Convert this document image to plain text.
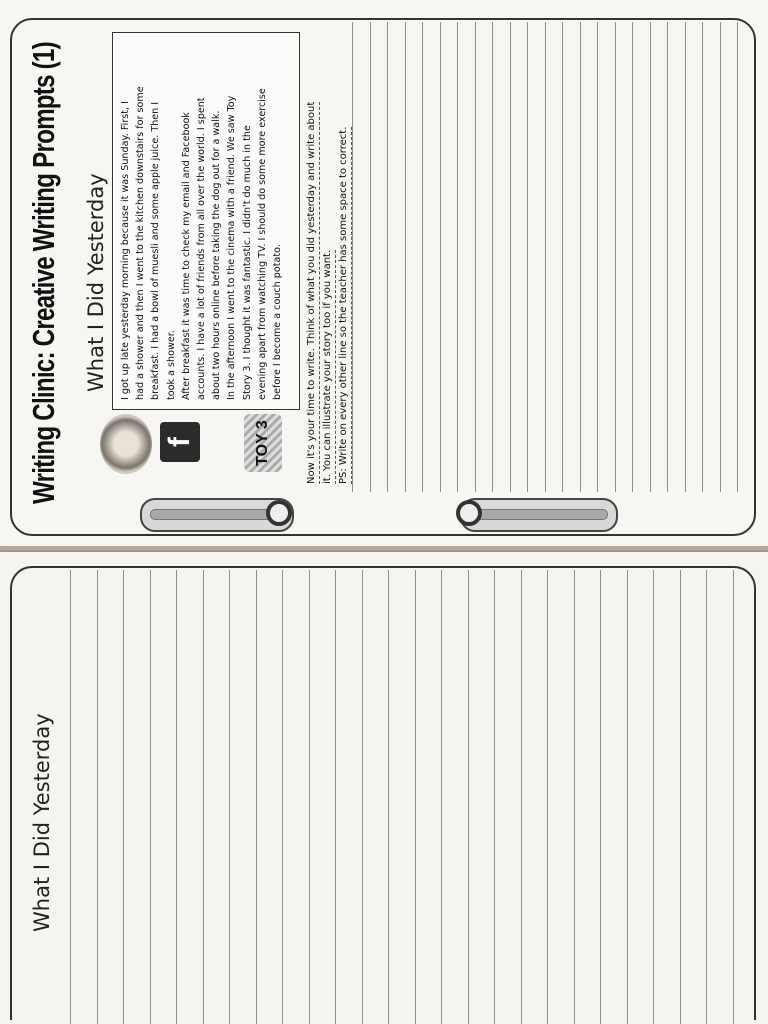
Writing Clinic: Creative Writing Prompts (1) What I Did Yesterday
f	TOY 3
I got up late yesterday morning because it was Sunday. First, I had a shower and then I went to the kitchen downstairs for some breakfast. I had a bowl of muesli and some apple juice. Then I took a shower. After breakfast it was time to check my email and Facebook accounts. I have a lot of friends from all over the world. I spent about two hours online before taking the dog out for a walk. In the afternoon I went to the cinema with a friend. We saw Toy Story 3. I thought it was fantastic. I didn't do much in the evening apart from watching TV. I should do some more exercise before I become a couch potato. Now it's your time to write. Think of what you did yesterday and write about it. You can illustrate your story too if you want. PS: Write on every other line so the teacher has some space to correct.

What I Did Yesterday
